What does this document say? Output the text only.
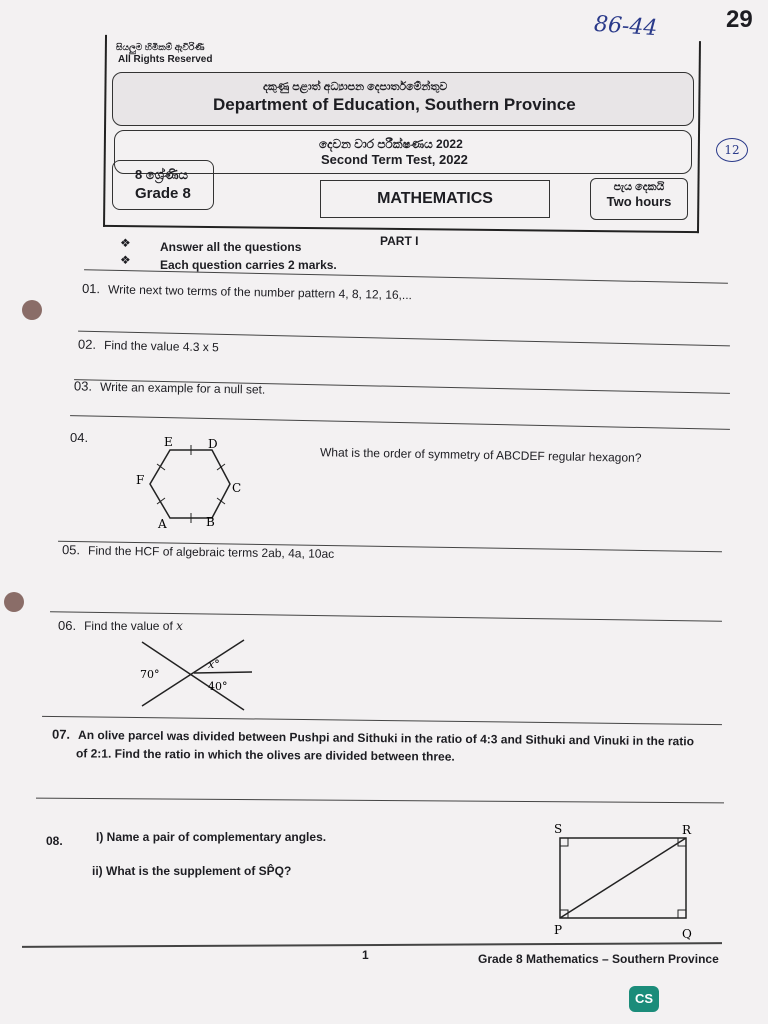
86-44	29
12
සියලුම හිමිකම් ඇවිරිණි
All Rights Reserved
දකුණු පළාත් අධ්‍යාපන දෙපාර්තමේන්තුව
Department of Education, Southern Province
දෙවන වාර පරීක්ෂණය 2022
Second Term Test, 2022
8 ශ්‍රේණිය
Grade 8	MATHEMATICS
පැය දෙකයි
Two hours
PART I
❖ Answer all the questions
❖ Each question carries 2 marks.
01. Write next two terms of the number pattern 4, 8, 12, 16,...
02. Find the value 4.3 x 5
03. Write an example for a null set.
04.
What is the order of symmetry of ABCDEF regular hexagon?
E	D
F
C
A	B
05. Find the HCF of algebraic terms 2ab, 4a, 10ac
06. Find the value of x
70°
x°
40°
07. An olive parcel was divided between Pushpi and Sithuki in the ratio of 4:3 and Sithuki and Vinuki in the ratio
of 2:1. Find the ratio in which the olives are divided between three.
08.	I) Name a pair of complementary angles.
ii) What is the supplement of SP̂Q?
S	R
P	Q
1	Grade 8 Mathematics – Southern Province
CS
